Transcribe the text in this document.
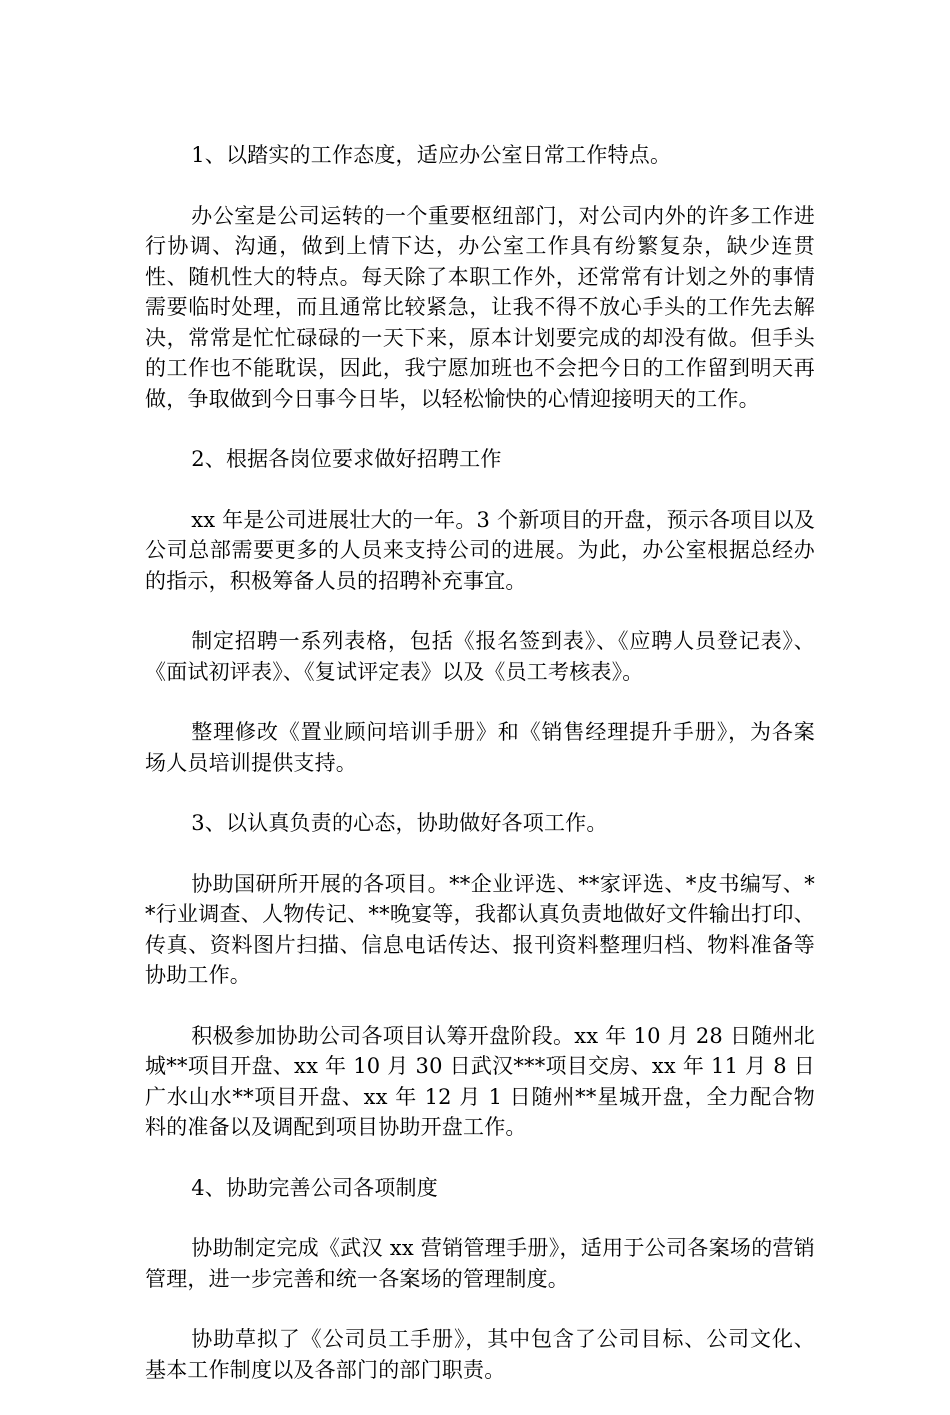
1、以踏实的工作态度，适应办公室日常工作特点。

办公室是公司运转的一个重要枢纽部门，对公司内外的许多工作进行协调、沟通，做到上情下达，办公室工作具有纷繁复杂，缺少连贯性、随机性大的特点。每天除了本职工作外，还常常有计划之外的事情需要临时处理，而且通常比较紧急，让我不得不放心手头的工作先去解决，常常是忙忙碌碌的一天下来，原本计划要完成的却没有做。但手头的工作也不能耽误，因此，我宁愿加班也不会把今日的工作留到明天再做，争取做到今日事今日毕，以轻松愉快的心情迎接明天的工作。

2、根据各岗位要求做好招聘工作

xx 年是公司进展壮大的一年。3 个新项目的开盘，预示各项目以及公司总部需要更多的人员来支持公司的进展。为此，办公室根据总经办的指示，积极筹备人员的招聘补充事宜。

制定招聘一系列表格，包括《报名签到表》、《应聘人员登记表》、《面试初评表》、《复试评定表》以及《员工考核表》。

整理修改《置业顾问培训手册》和《销售经理提升手册》，为各案场人员培训提供支持。

3、以认真负责的心态，协助做好各项工作。

协助国研所开展的各项目。**企业评选、**家评选、*皮书编写、**行业调查、人物传记、**晚宴等，我都认真负责地做好文件输出打印、传真、资料图片扫描、信息电话传达、报刊资料整理归档、物料准备等协助工作。

积极参加协助公司各项目认筹开盘阶段。xx 年 10 月 28 日随州北城**项目开盘、xx 年 10 月 30 日武汉***项目交房、xx 年 11 月 8 日广水山水**项目开盘、xx 年 12 月 1 日随州**星城开盘，全力配合物料的准备以及调配到项目协助开盘工作。

4、协助完善公司各项制度

协助制定完成《武汉 xx 营销管理手册》，适用于公司各案场的营销管理，进一步完善和统一各案场的管理制度。

协助草拟了《公司员工手册》，其中包含了公司目标、公司文化、基本工作制度以及各部门的部门职责。
